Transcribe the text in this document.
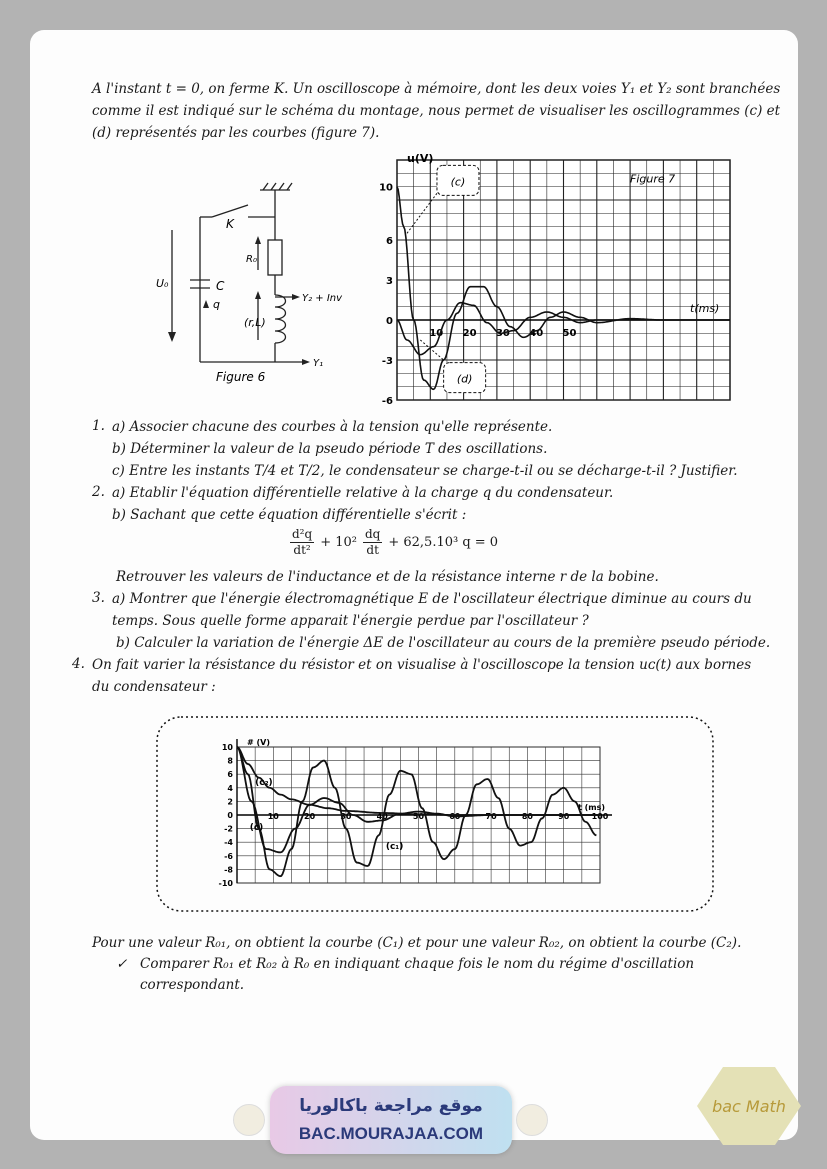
A l'instant t = 0, on ferme K. Un oscilloscope à mémoire, dont les deux voies Y₁ et Y₂ sont branchées
comme il est indiqué sur le schéma du montage, nous permet de visualiser les oscillogrammes (c) et
(d) représentés par les courbes (figure 7).
K
R₀
C
q
U₀
(r,L)
Y₂ + Inv
Y₁
Figure 6
10
6
3
0
-3
-6
10 20 30 40 50
u(V)
t(ms)
Figure 7
(c)
(d)
1. a) Associer chacune des courbes à la tension qu'elle représente.
b) Déterminer la valeur de la pseudo période T des oscillations.
c) Entre les instants T/4 et T/2, le condensateur se charge-t-il ou se décharge-t-il ? Justifier.
2. a) Etablir l'équation différentielle relative à la charge q du condensateur.
b) Sachant que cette équation différentielle s'écrit :
$\frac{\text{d²q}}{\text{dt²}} + 10^2 \frac{dq}{dt} + 62,5.10^3$ q = 0
Retrouver les valeurs de l'inductance et de la résistance interne r de la bobine.
3. a) Montrer que l'énergie électromagnétique E de l'oscillateur électrique diminue au cours du
temps. Sous quelle forme apparait l'énergie perdue par l'oscillateur ?
b) Calculer la variation de l'énergie ΔE de l'oscillateur au cours de la première pseudo période.
4. On fait varier la résistance du résistor et on visualise à l'oscilloscope la tension uᴄ(t) aux bornes
du condensateur :
10
8
6
4
2
0
-2
-4
-6
-8
-10
10	20	30	40	50	60	70	80	90	100
# (V)
t (ms)
(c₂)
(c)
(c₁)
Pour une valeur R₀₁, on obtient la courbe (C₁) et pour une valeur R₀₂, on obtient la courbe (C₂).
✓ Comparer R₀₁ et R₀₂ à R₀ en indiquant chaque fois le nom du régime d'oscillation
correspondant.
موقع مراجعة باكالوريا
BAC.MOURAJAA.COM
bac Math
